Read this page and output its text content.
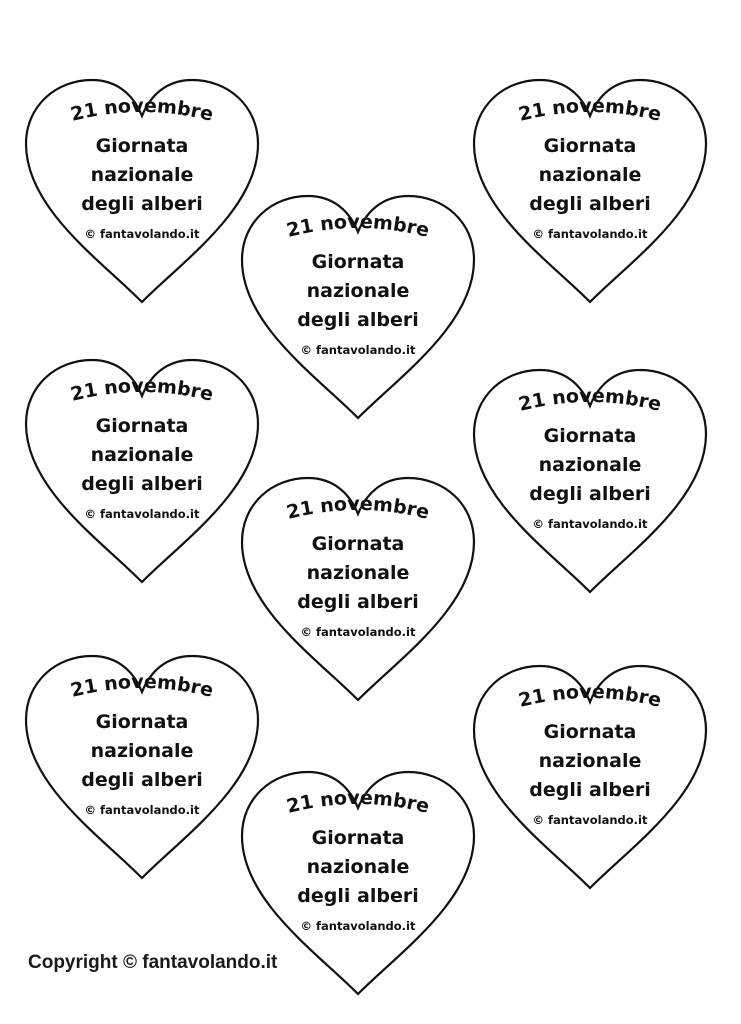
21 novembre
Giornata
nazionale
degli alberi
© fantavolando.it
21 novembre
Giornata
nazionale
degli alberi
© fantavolando.it
21 novembre
Giornata
nazionale
degli alberi
© fantavolando.it
21 novembre
Giornata
nazionale
degli alberi
© fantavolando.it
21 novembre
Giornata
nazionale
degli alberi
© fantavolando.it
21 novembre
Giornata
nazionale
degli alberi
© fantavolando.it
21 novembre
Giornata
nazionale
degli alberi
© fantavolando.it
21 novembre
Giornata
nazionale
degli alberi
© fantavolando.it
21 novembre
Giornata
nazionale
degli alberi
© fantavolando.it
Copyright © fantavolando.it
